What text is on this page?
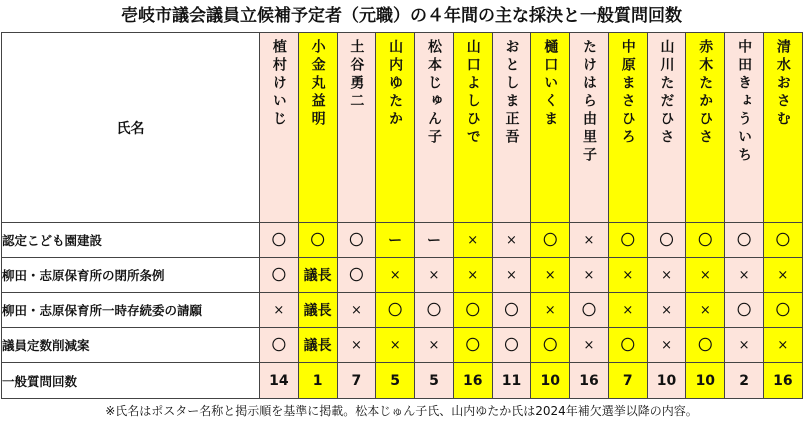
壱岐市議会議員立候補予定者（元職）の４年間の主な採決と一般質問回数
氏名	植村けいじ	小金丸益明	土谷勇二	山内ゆたか	松本じゅん子	山口よしひで	おとしま正吾	樋口いくま	たけはら由里子	中原まさひろ	山川ただひさ	赤木たかひさ	中田きょういち	清水おさむ
認定こども園建設	〇	〇	〇	ー	ー	×	×	〇	×	〇	〇	〇	〇	〇
柳田・志原保育所の閉所条例	〇	議長	〇	×	×	×	×	×	×	×	×	×	×	×
柳田・志原保育所一時存続委の請願	×	議長	×	〇	〇	〇	〇	×	〇	×	×	×	〇	〇
議員定数削減案	〇	議長	×	×	×	〇	〇	〇	×	〇	×	〇	×	×
一般質問回数	14	1	7	5	5	16	11	10	16	7	10	10	2	16
※氏名はポスター名称と掲示順を基準に掲載。松本じゅん子氏、山内ゆたか氏は2024年補欠選挙以降の内容。
